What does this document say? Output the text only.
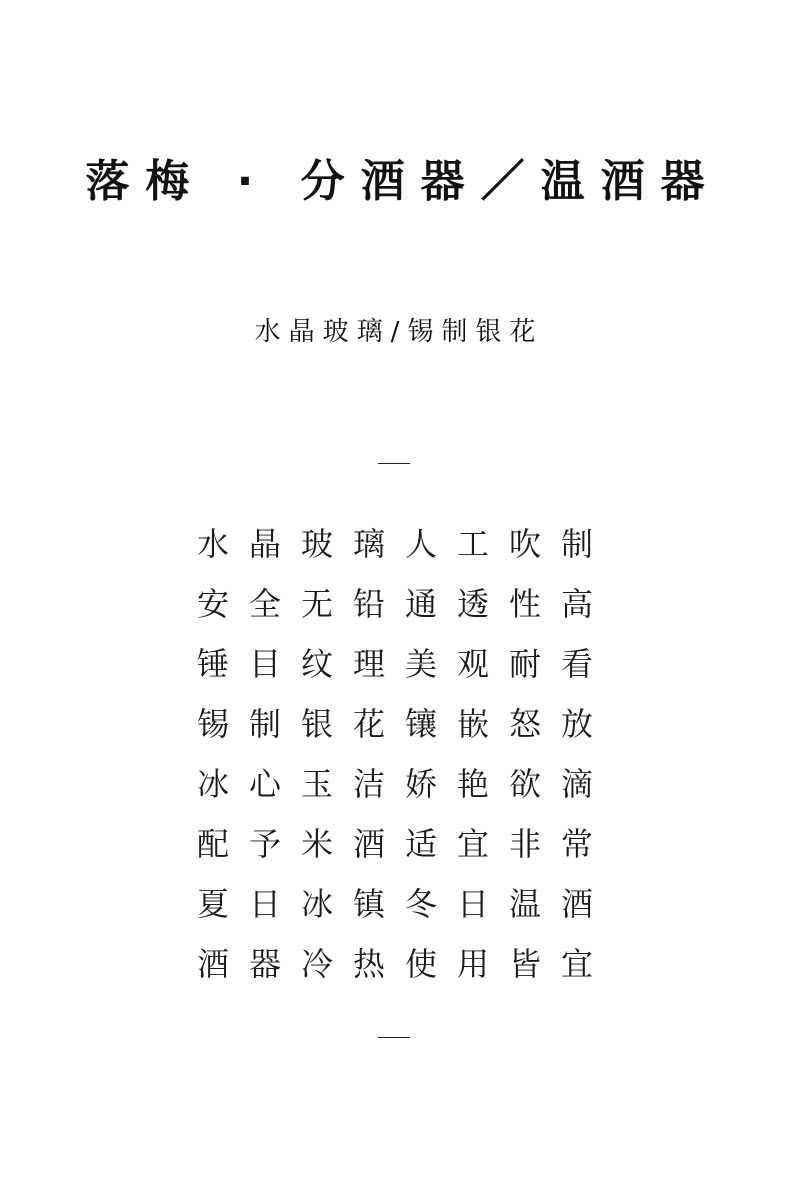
落梅 · 分酒器／温酒器
水晶玻璃/锡制银花
水晶玻璃人工吹制
安全无铅通透性高
锤目纹理美观耐看
锡制银花镶嵌怒放
冰心玉洁娇艳欲滴
配予米酒适宜非常
夏日冰镇冬日温酒
酒器冷热使用皆宜
